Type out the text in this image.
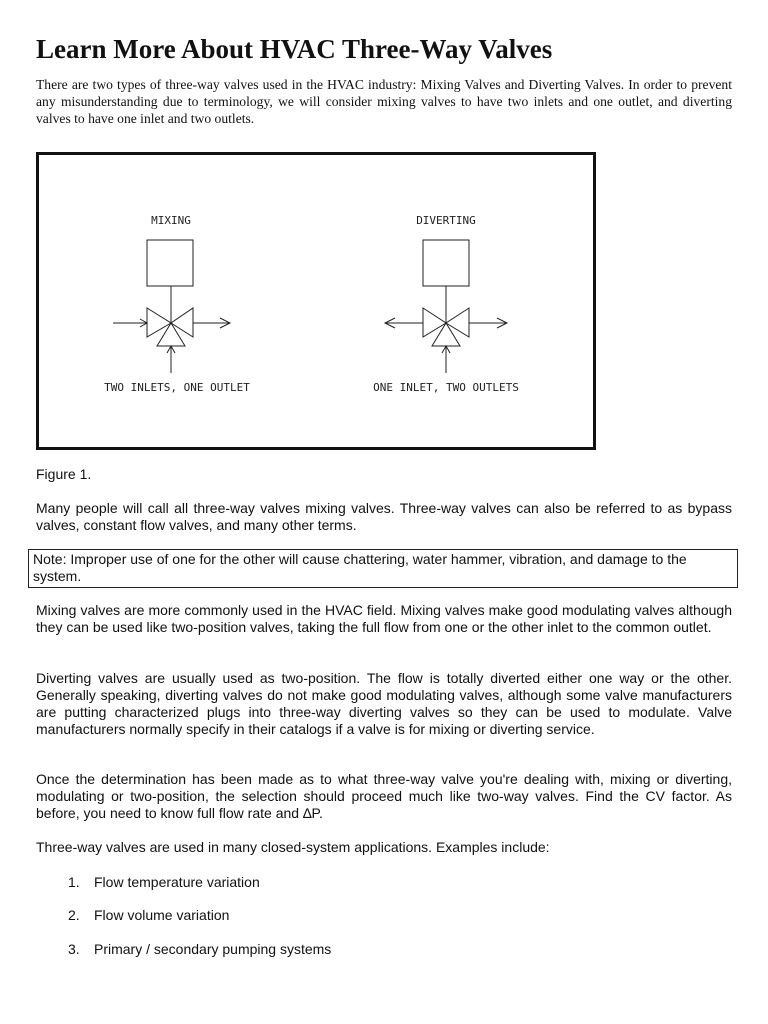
Learn More About HVAC Three-Way Valves

There are two types of three-way valves used in the HVAC industry: Mixing Valves and Diverting Valves. In order to prevent any misunderstanding due to terminology, we will consider mixing valves to have two inlets and one outlet, and diverting valves to have one inlet and two outlets.

MIXING
TWO INLETS, ONE OUTLET
DIVERTING
ONE INLET, TWO OUTLETS

Figure 1.

Many people will call all three-way valves mixing valves. Three-way valves can also be referred to as bypass valves, constant flow valves, and many other terms.

Note: Improper use of one for the other will cause chattering, water hammer, vibration, and damage to the system.

Mixing valves are more commonly used in the HVAC field. Mixing valves make good modulating valves although they can be used like two-position valves, taking the full flow from one or the other inlet to the common outlet.

Diverting valves are usually used as two-position. The flow is totally diverted either one way or the other. Generally speaking, diverting valves do not make good modulating valves, although some valve manufacturers are putting characterized plugs into three-way diverting valves so they can be used to modulate. Valve manufacturers normally specify in their catalogs if a valve is for mixing or diverting service.

Once the determination has been made as to what three-way valve you're dealing with, mixing or diverting, modulating or two-position, the selection should proceed much like two-way valves. Find the CV factor. As before, you need to know full flow rate and ∆P.

Three-way valves are used in many closed-system applications. Examples include:

1. Flow temperature variation
2. Flow volume variation
3. Primary / secondary pumping systems
